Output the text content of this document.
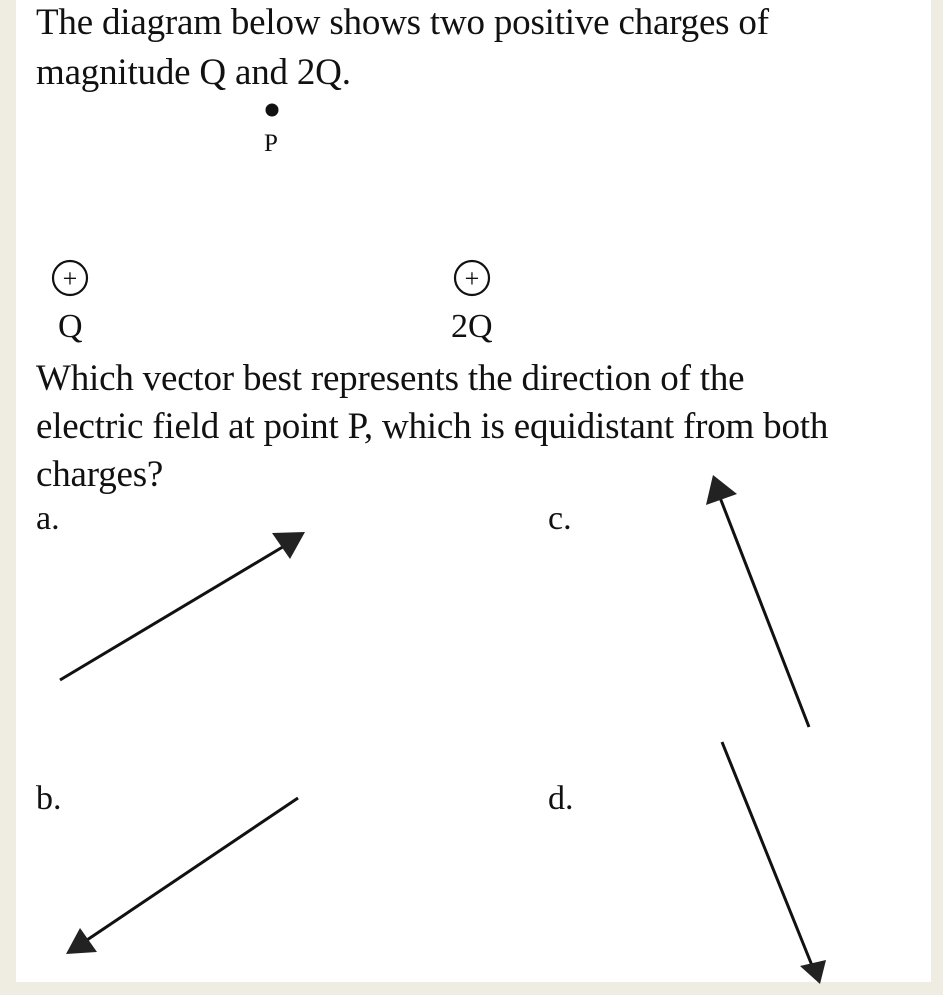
The diagram below shows two positive charges of
magnitude Q and 2Q.
P
Q	2Q
Which vector best represents the direction of the
electric field at point P, which is equidistant from both
charges?
a.
b.
c.
d.
+	+
